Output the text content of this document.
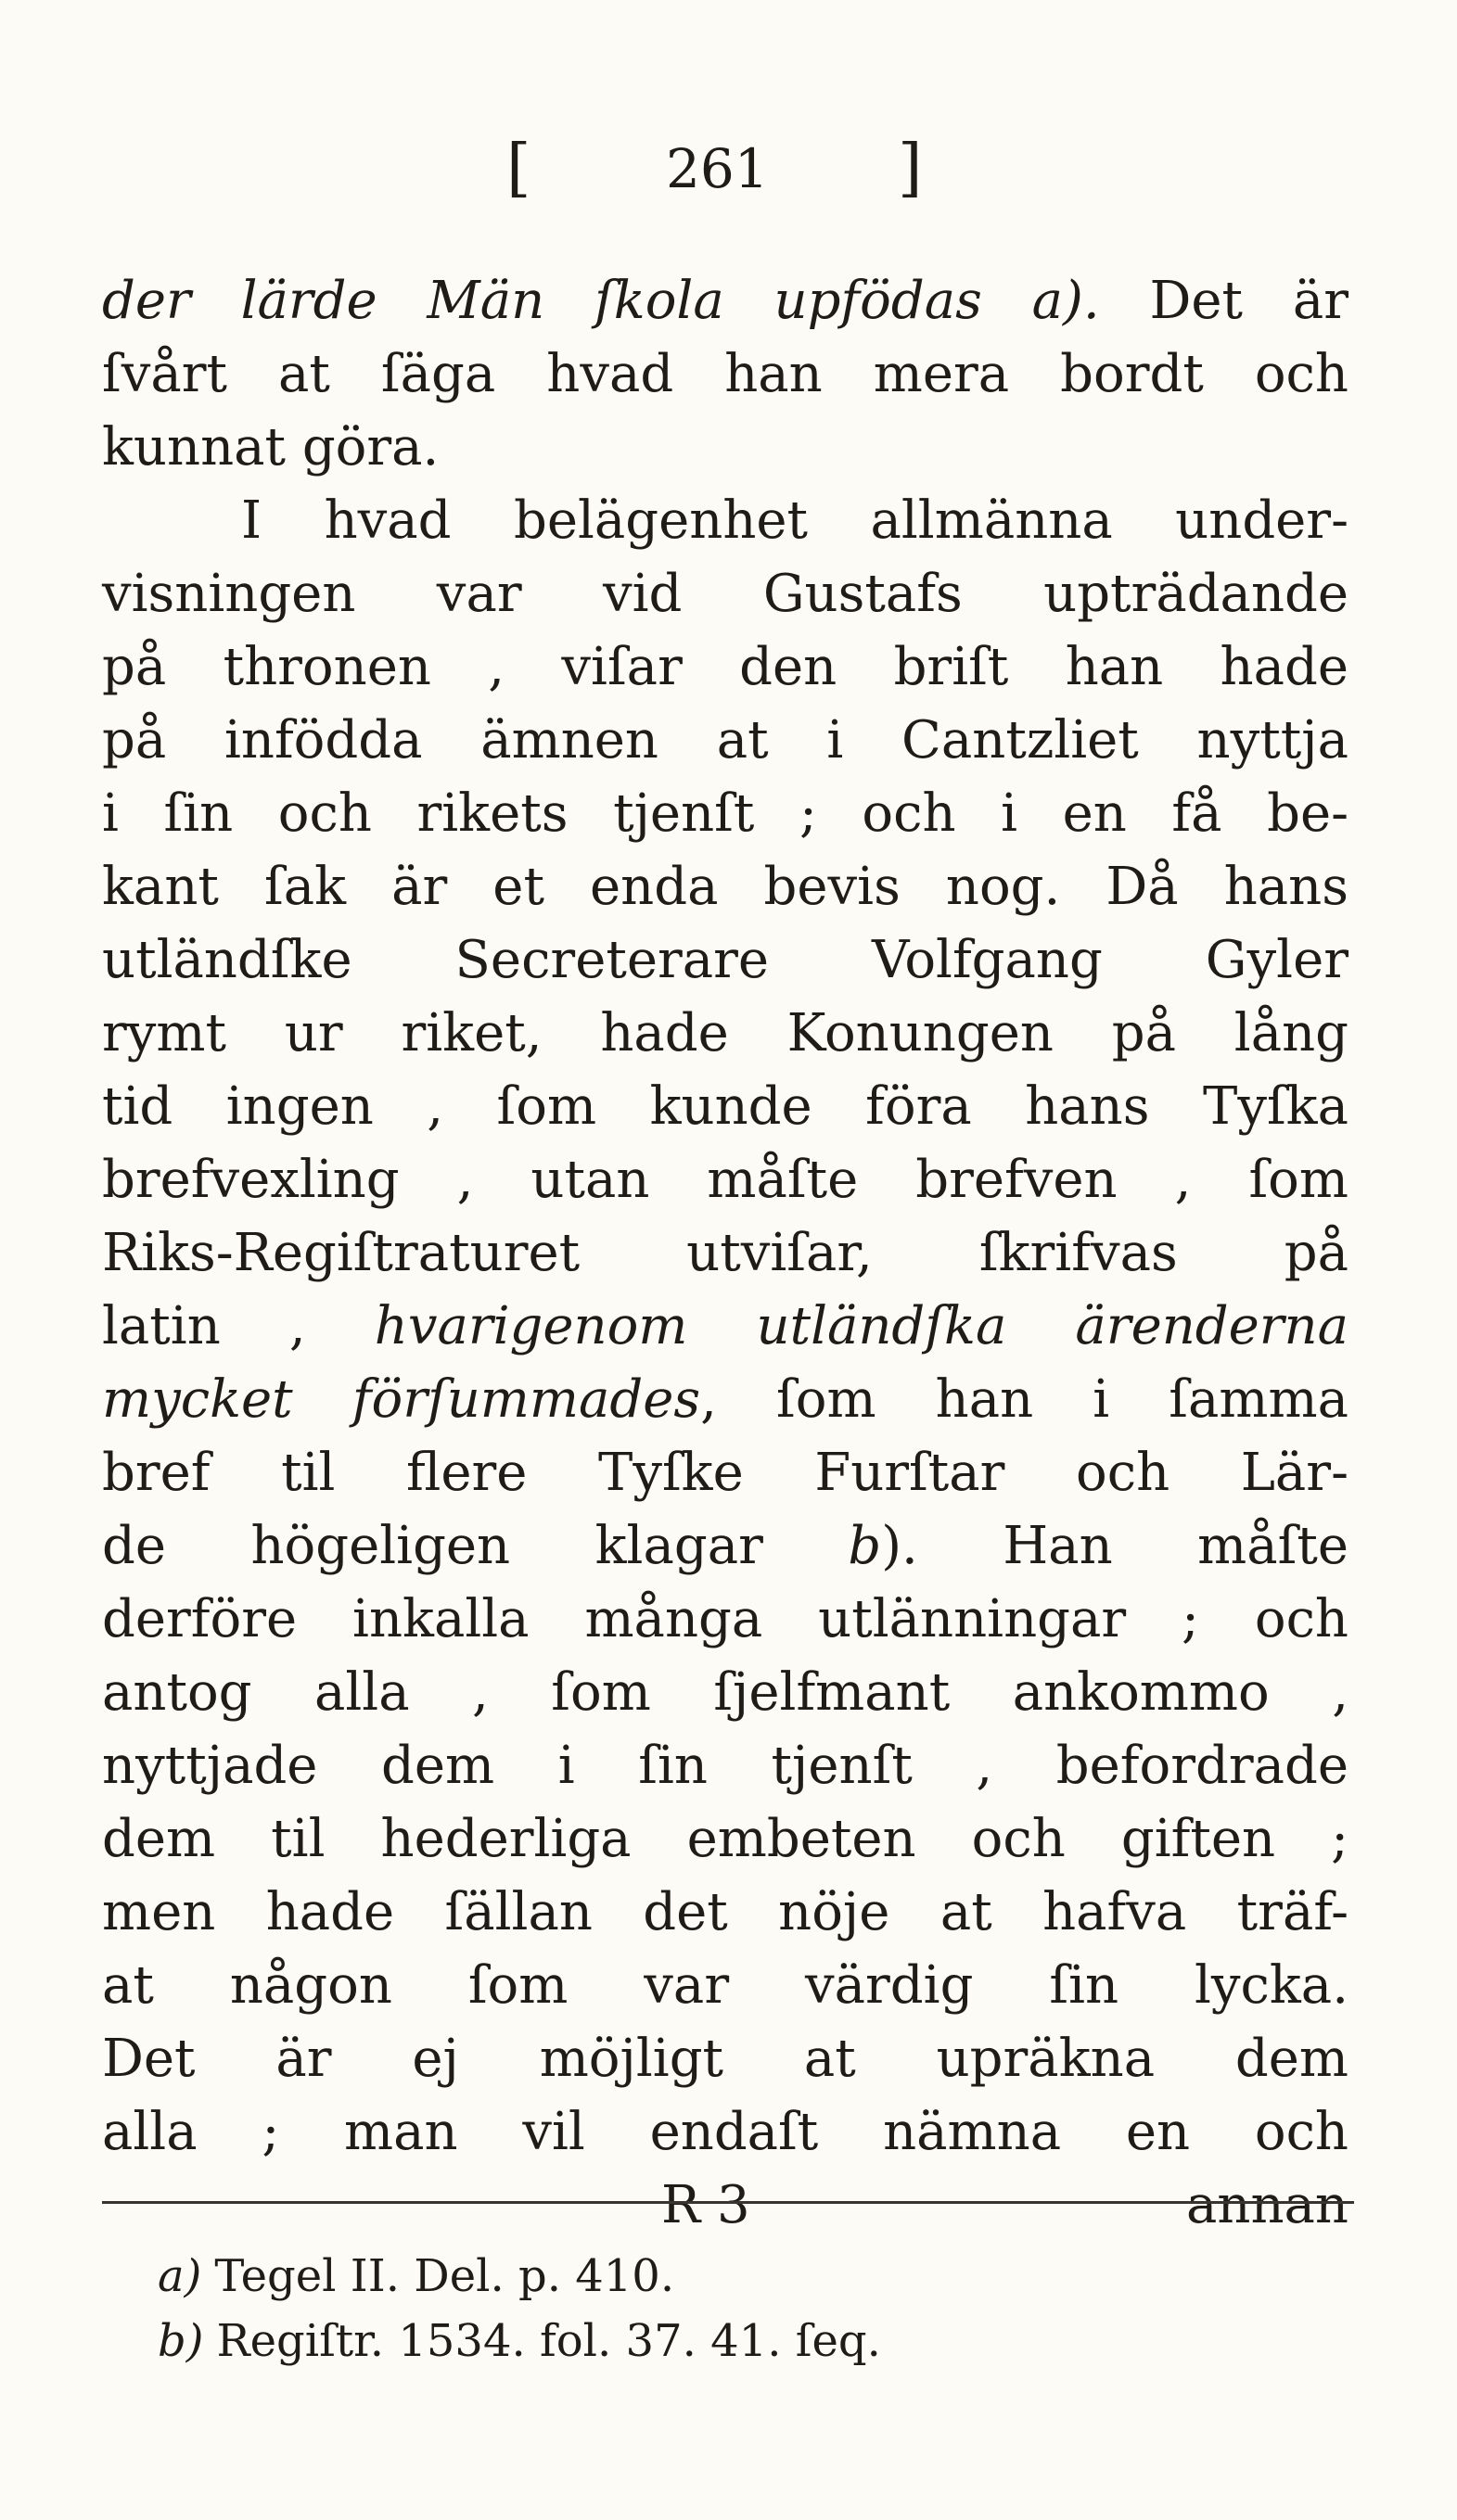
[	261 ]
der lärde Män ſkola upfödas a). Det är
ſvårt at ſäga hvad han mera bordt och
kunnat göra.
I hvad belägenhet allmänna under-
visningen var vid Gustafs upträdande
på thronen , viſar den briſt han hade
på infödda ämnen at i Cantzliet nyttja
i ſin och rikets tjenſt ; och i en få be-
kant ſak är et enda bevis nog. Då hans
utländſke Secreterare Volfgang Gyler
rymt ur riket, hade Konungen på lång
tid ingen , ſom kunde föra hans Tyſka
brefvexling , utan måſte brefven , ſom
Riks-Regiſtraturet utviſar, ſkrifvas på
latin , hvarigenom utländſka ärenderna
mycket förſummades, ſom han i ſamma
bref til flere Tyſke Furſtar och Lär-
de högeligen klagar b). Han måſte
derföre inkalla många utlänningar ; och
antog alla , ſom ſjelfmant ankommo ,
nyttjade dem i ſin tjenſt , befordrade
dem til hederliga embeten och giften ;
men hade ſällan det nöje at hafva träf-
at någon ſom var värdig ſin lycka.
Det är ej möjligt at upräkna dem
alla ; man vil endaſt nämna en och
R 3	annan
a) Tegel II. Del. p. 410.
b) Regiſtr. 1534. fol. 37. 41. ſeq.
